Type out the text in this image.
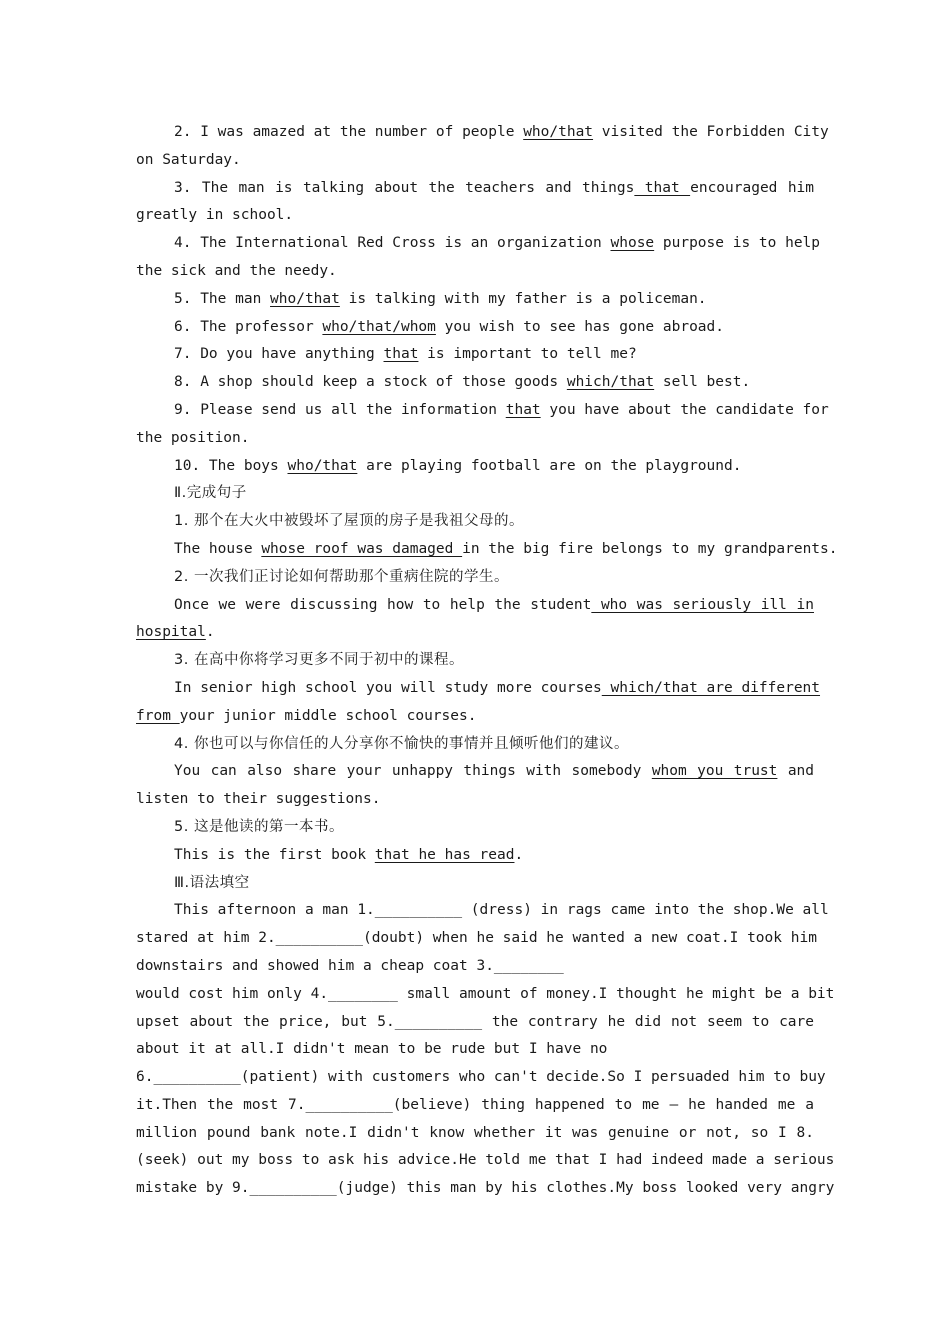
2. I was amazed at the number of people who/that visited the Forbidden City
on Saturday.
3. The man is talking about the teachers and things that encouraged him
greatly in school.
4. The International Red Cross is an organization whose purpose is to help
the sick and the needy.
5. The man who/that is talking with my father is a policeman.
6. The professor who/that/whom you wish to see has gone abroad.
7. Do you have anything that is important to tell me?
8. A shop should keep a stock of those goods which/that sell best.
9. Please send us all the information that you have about the candidate for
the position.
10. The boys who/that are playing football are on the playground.
Ⅱ.完成句子
1. 那个在大火中被毁坏了屋顶的房子是我祖父母的。
The house whose roof was damaged in the big fire belongs to my grandparents.
2. 一次我们正讨论如何帮助那个重病住院的学生。
Once we were discussing how to help the student who was seriously ill in
hospital.
3. 在高中你将学习更多不同于初中的课程。
In senior high school you will study more courses which/that are different
from your junior middle school courses.
4. 你也可以与你信任的人分享你不愉快的事情并且倾听他们的建议。
You can also share your unhappy things with somebody whom you trust and
listen to their suggestions.
5. 这是他读的第一本书。
This is the first book that he has read.
Ⅲ.语法填空
This afternoon a man 1.__________ (dress) in rags came into the shop.We all
stared at him 2.__________(doubt) when he said he wanted a new coat.I took him
downstairs and showed him a cheap coat 3.________
would cost him only 4.________ small amount of money.I thought he might be a bit
upset about the price, but 5.__________ the contrary he did not seem to care
about it at all.I didn't mean to be rude but I have no
6.__________(patient) with customers who can't decide.So I persuaded him to buy
it.Then the most 7.__________(believe) thing happened to me — he handed me a
million pound bank note.I didn't know whether it was genuine or not, so I 8.
(seek) out my boss to ask his advice.He told me that I had indeed made a serious
mistake by 9.__________(judge) this man by his clothes.My boss looked very angry
